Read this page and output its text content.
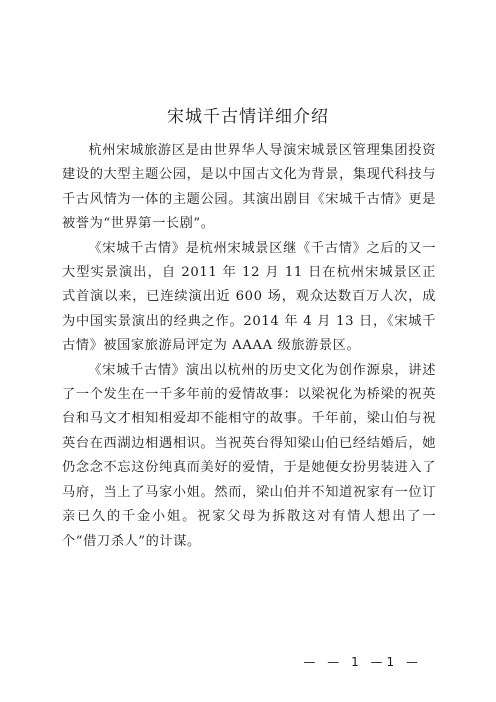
宋城千古情详细介绍

杭州宋城旅游区是由世界华人导演宋城景区管理集团投资建设的大型主题公园，是以中国古文化为背景，集现代科技与千古风情为一体的主题公园。其演出剧目《宋城千古情》更是被誉为“世界第一长剧”。

《宋城千古情》是杭州宋城景区继《千古情》之后的又一大型实景演出，自 2011 年 12 月 11 日在杭州宋城景区正式首演以来，已连续演出近 600 场，观众达数百万人次，成为中国实景演出的经典之作。2014 年 4 月 13 日，《宋城千古情》被国家旅游局评定为 AAAA 级旅游景区。

《宋城千古情》演出以杭州的历史文化为创作源泉，讲述了一个发生在一千多年前的爱情故事：以梁祝化为桥梁的祝英台和马文才相知相爱却不能相守的故事。千年前，梁山伯与祝英台在西湖边相遇相识。当祝英台得知梁山伯已经结婚后，她仍念念不忘这份纯真而美好的爱情，于是她便女扮男装进入了马府，当上了马家小姐。然而，梁山伯并不知道祝家有一位订亲已久的千金小姐。祝家父母为拆散这对有情人想出了一个“借刀杀人”的计谋。

— — 1 —1 —
